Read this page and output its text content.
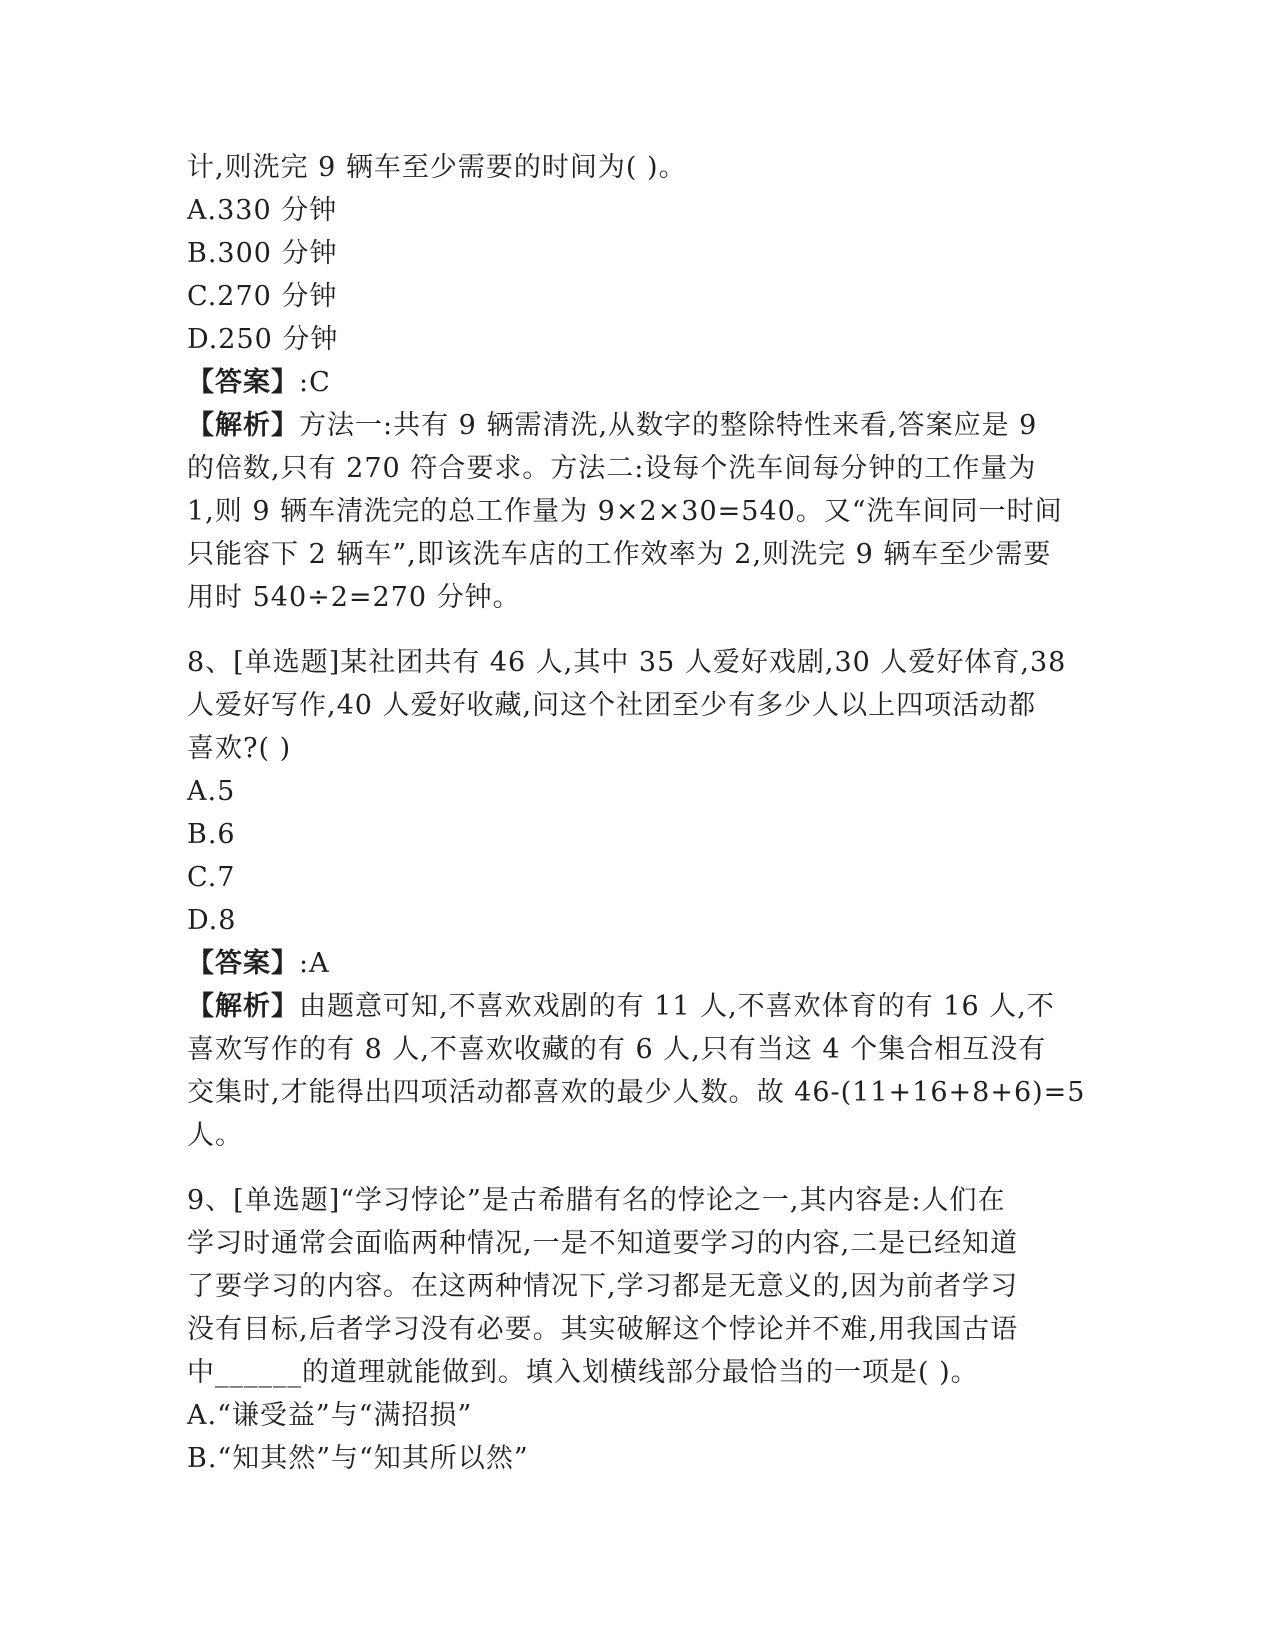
计,则洗完 9 辆车至少需要的时间为( )。
A.330 分钟
B.300 分钟
C.270 分钟
D.250 分钟
【答案】:C
【解析】方法一:共有 9 辆需清洗,从数字的整除特性来看,答案应是 9
的倍数,只有 270 符合要求。方法二:设每个洗车间每分钟的工作量为
1,则 9 辆车清洗完的总工作量为 9×2×30=540。又“洗车间同一时间
只能容下 2 辆车”,即该洗车店的工作效率为 2,则洗完 9 辆车至少需要
用时 540÷2=270 分钟。
8、[单选题]某社团共有 46 人,其中 35 人爱好戏剧,30 人爱好体育,38
人爱好写作,40 人爱好收藏,问这个社团至少有多少人以上四项活动都
喜欢?( )
A.5
B.6
C.7
D.8
【答案】:A
【解析】由题意可知,不喜欢戏剧的有 11 人,不喜欢体育的有 16 人,不
喜欢写作的有 8 人,不喜欢收藏的有 6 人,只有当这 4 个集合相互没有
交集时,才能得出四项活动都喜欢的最少人数。故 46-(11+16+8+6)=5
人。
9、[单选题]“学习悖论”是古希腊有名的悖论之一,其内容是:人们在
学习时通常会面临两种情况,一是不知道要学习的内容,二是已经知道
了要学习的内容。在这两种情况下,学习都是无意义的,因为前者学习
没有目标,后者学习没有必要。其实破解这个悖论并不难,用我国古语
中______的道理就能做到。填入划横线部分最恰当的一项是( )。
A.“谦受益”与“满招损”
B.“知其然”与“知其所以然”
